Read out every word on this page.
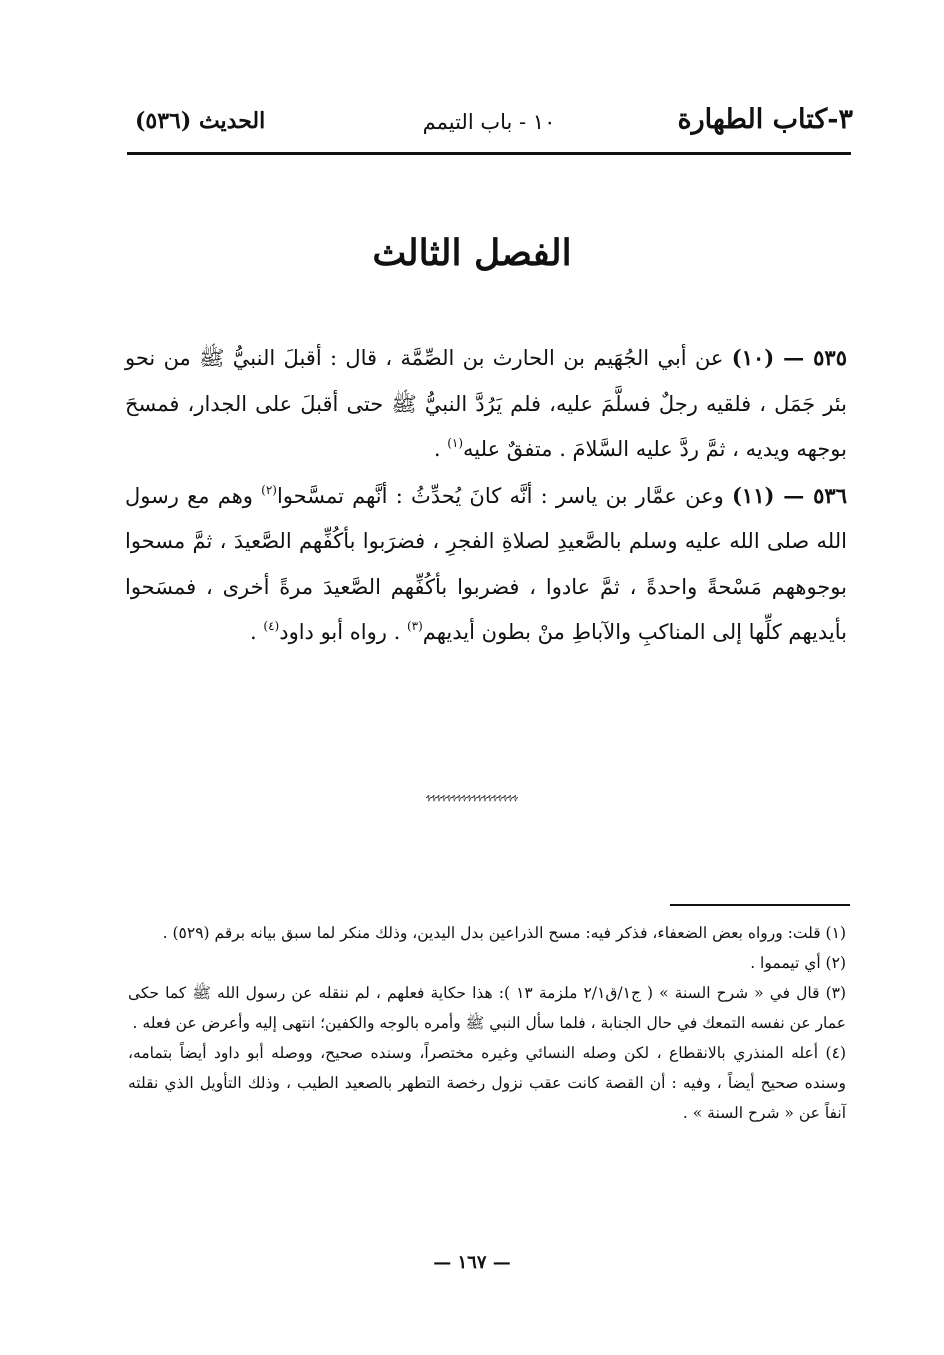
٣-كتاب الطهارة
١٠ - باب التيمم
الحديث (٥٣٦)
الفصل الثالث

٥٣٥ — (١٠) عن أبي الجُهَيم بن الحارث بن الصِّمَّة ، قال : أقبلَ النبيُّ ﷺ من نحو بئر جَمَل ، فلقيه رجلٌ فسلَّمَ عليه، فلم يَرُدَّ النبيُّ ﷺ حتى أقبلَ على الجدار، فمسحَ بوجهه ويديه ، ثمَّ ردَّ عليه السَّلامَ . متفقٌ عليه$^{(١)}$ .

٥٣٦ — (١١) وعن عمَّار بن ياسر : أنَّه كانَ يُحدِّثُ : أنَّهم تمسَّحوا$^{(٢)}$ وهم مع رسول الله صلى الله عليه وسلم بالصَّعيدِ لصلاةِ الفجرِ ، فضرَبوا بأكُفِّهم الصَّعيدَ ، ثمَّ مسحوا بوجوههم مَسْحةً واحدةً ، ثمَّ عادوا ، فضربوا بأكُفِّهم الصَّعيدَ مرةً أخرى ، فمسَحوا بأيديهم كلِّها إلى المناكبِ والآباطِ منْ بطون أيديهم$^{(٣)}$ . رواه أبو داود$^{(٤)}$ .

ﮩﮩﮩﮩﮩﮩﮩﮩﮩﮩﮩﮩﮩﮩﮩﮩﮩﮩ

(١) قلت: ورواه بعض الضعفاء، فذكر فيه: مسح الذراعين بدل اليدين، وذلك منكر لما سبق بيانه برقم (٥٢٩) .

(٢) أي تيمموا .

(٣) قال في « شرح السنة » ( ج١/ق٢/١ ملزمة ١٣ ): هذا حكاية فعلهم ، لم ننقله عن رسول الله ﷺ كما حكى عمار عن نفسه التمعك في حال الجنابة ، فلما سأل النبي ﷺ وأمره بالوجه والكفين؛ انتهى إليه وأعرض عن فعله .

(٤) أعله المنذري بالانقطاع ، لكن وصله النسائي وغيره مختصراً، وسنده صحيح، ووصله أبو داود أيضاً بتمامه، وسنده صحيح أيضاً ، وفيه : أن القصة كانت عقب نزول رخصة التطهر بالصعيد الطيب ، وذلك التأويل الذي نقلته آنفاً عن « شرح السنة » .

— ١٦٧ —
